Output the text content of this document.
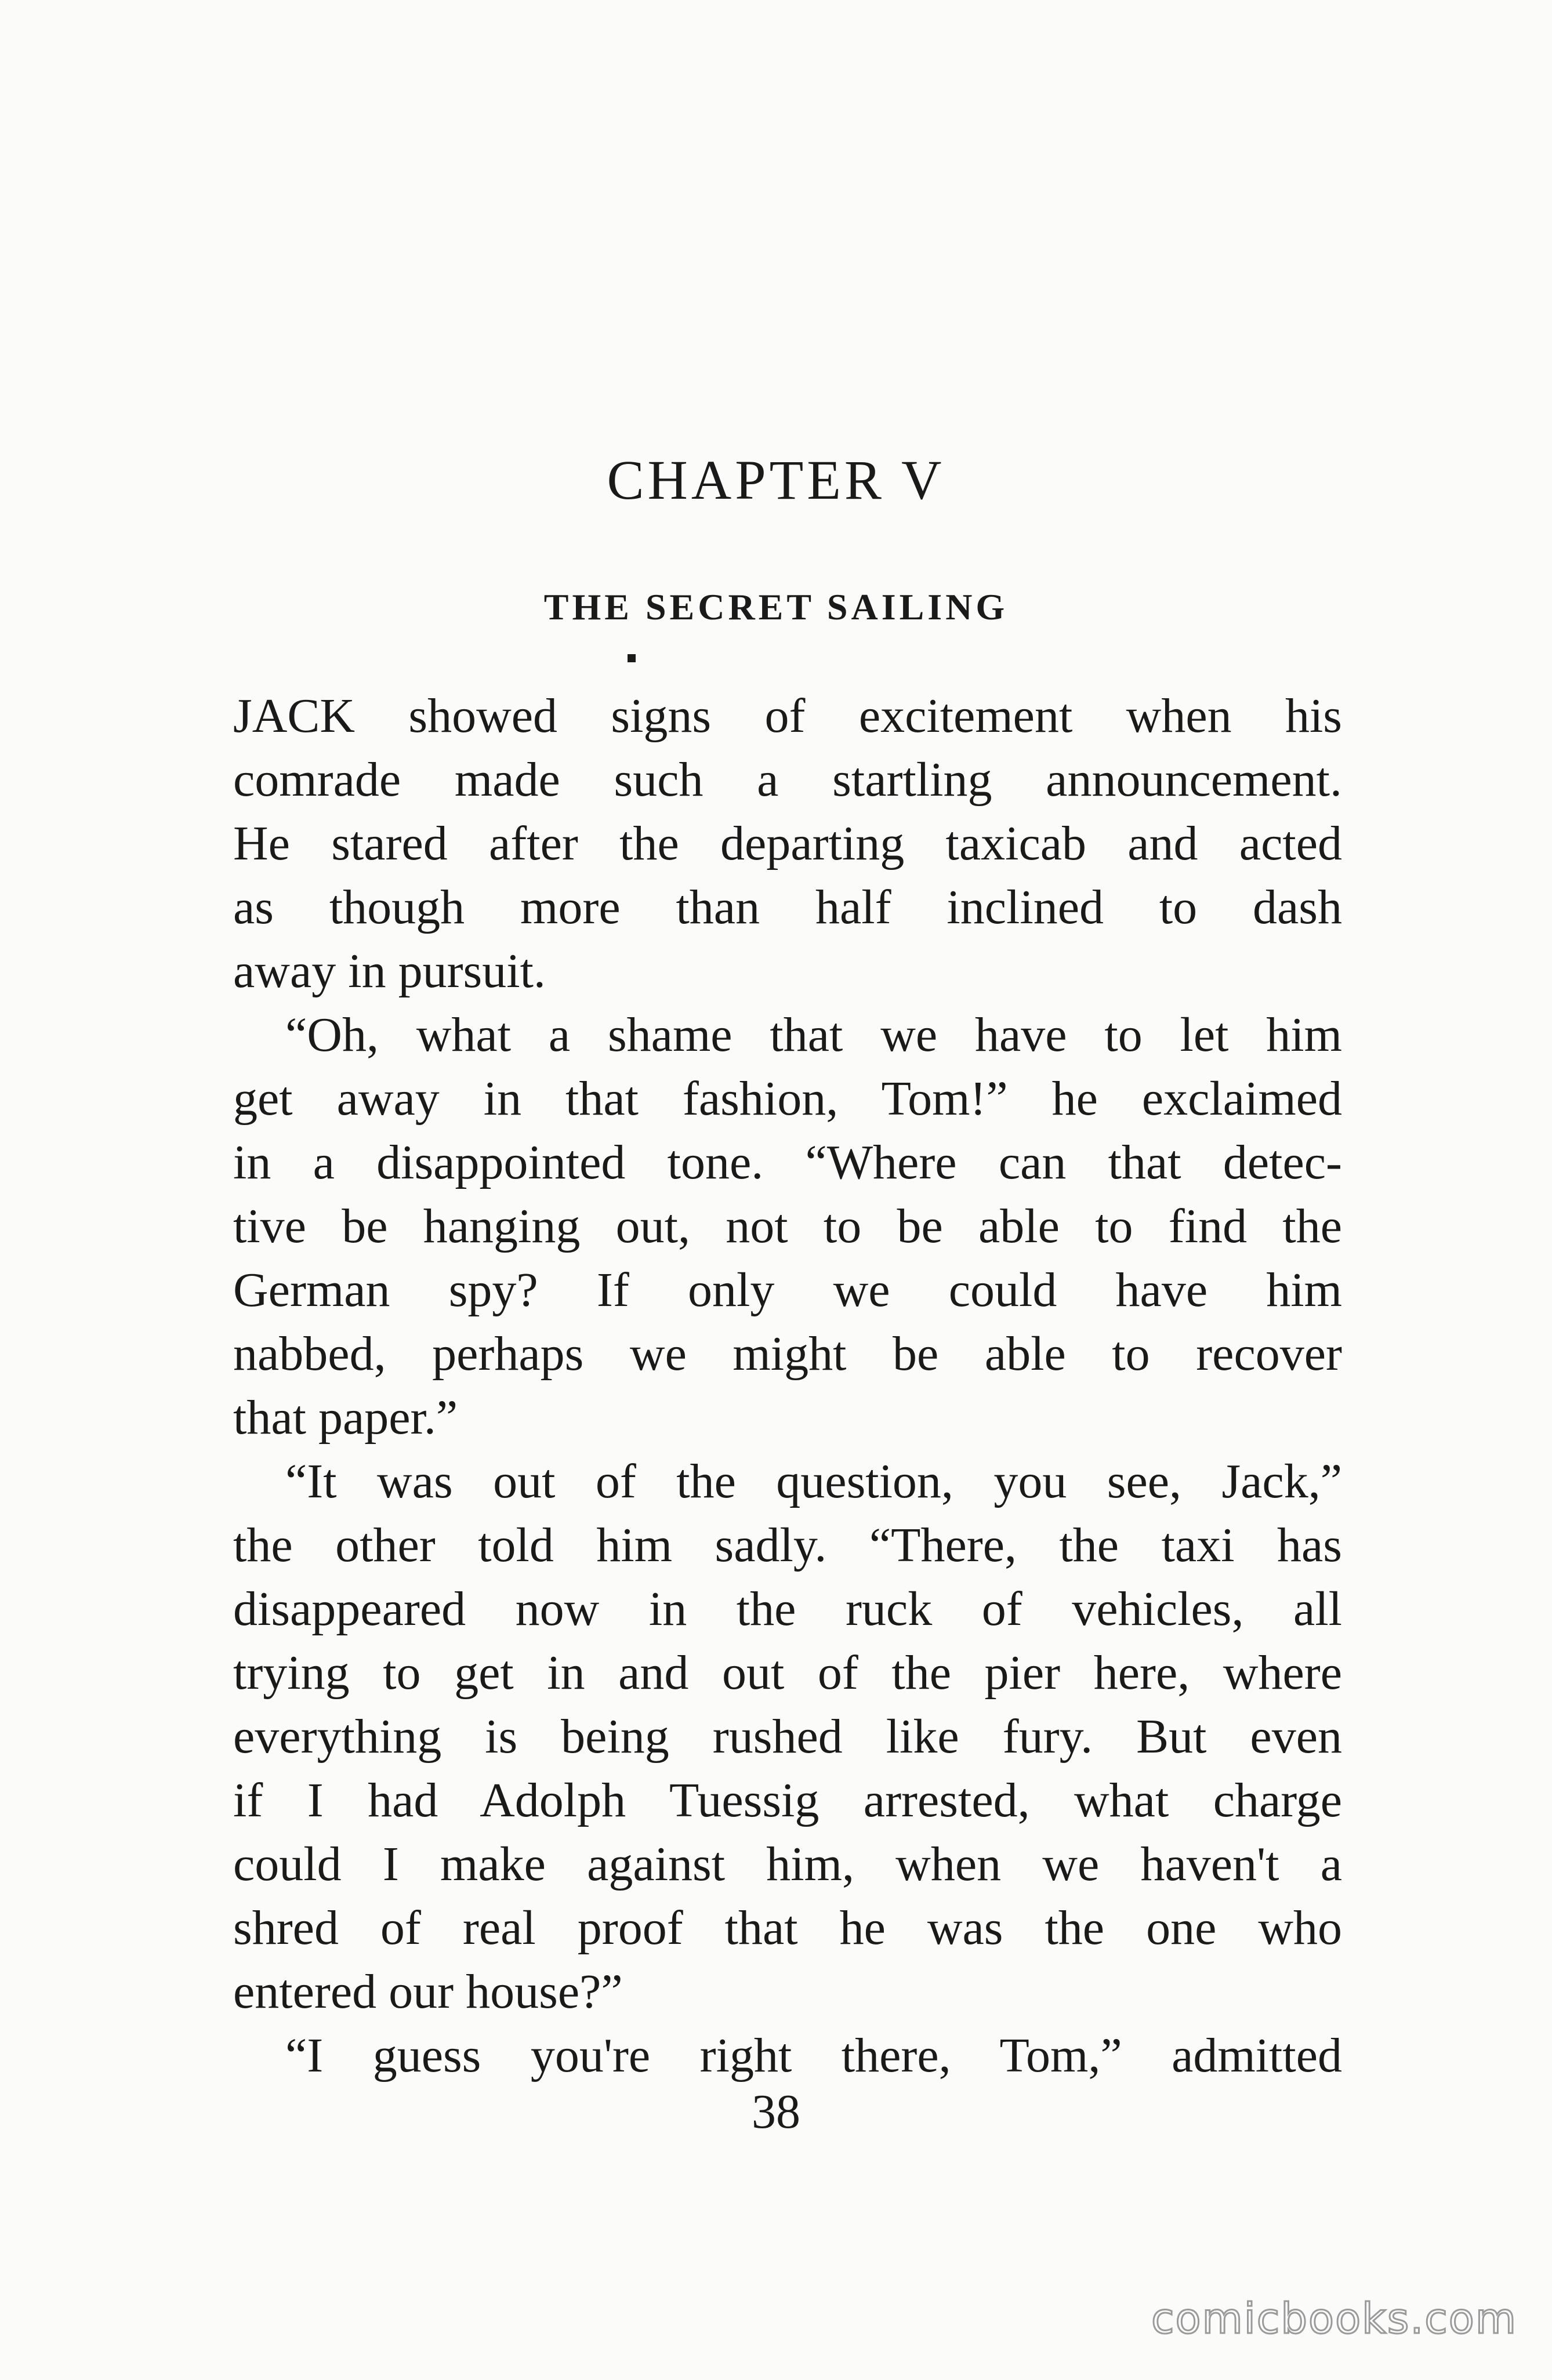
CHAPTER V
THE SECRET SAILING
JACK showed signs of excitement when his
comrade made such a startling announcement.
He stared after the departing taxicab and acted
as though more than half inclined to dash
away in pursuit.
“Oh, what a shame that we have to let him
get away in that fashion, Tom!” he exclaimed
in a disappointed tone. “Where can that detec-
tive be hanging out, not to be able to find the
German spy? If only we could have him
nabbed, perhaps we might be able to recover
that paper.”
“It was out of the question, you see, Jack,”
the other told him sadly. “There, the taxi has
disappeared now in the ruck of vehicles, all
trying to get in and out of the pier here, where
everything is being rushed like fury. But even
if I had Adolph Tuessig arrested, what charge
could I make against him, when we haven't a
shred of real proof that he was the one who
entered our house?”
“I guess you're right there, Tom,” admitted
38
comicbooks.com
